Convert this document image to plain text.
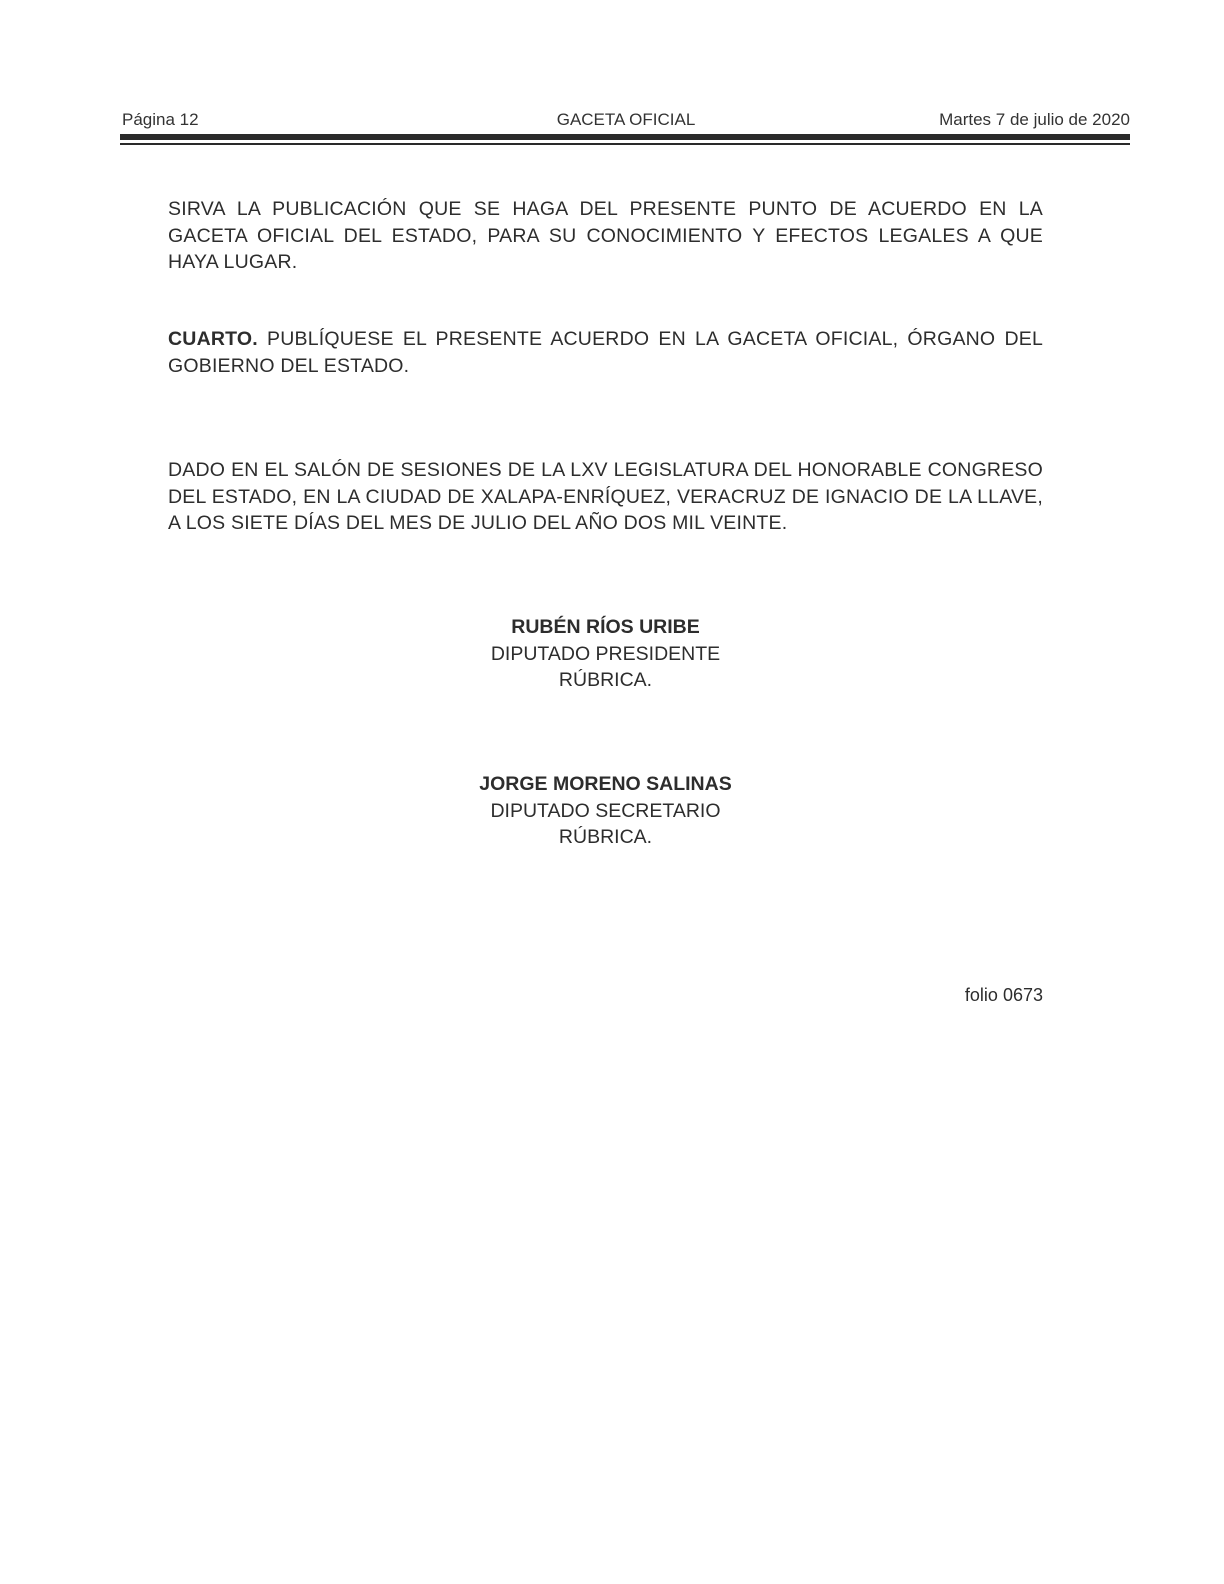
Página 12	GACETA OFICIAL	Martes 7 de julio de 2020

SIRVA LA PUBLICACIÓN QUE SE HAGA DEL PRESENTE PUNTO DE ACUERDO EN LA GACETA OFICIAL DEL ESTADO, PARA SU CONOCIMIENTO Y EFECTOS LEGALES A QUE HAYA LUGAR.

CUARTO. PUBLÍQUESE EL PRESENTE ACUERDO EN LA GACETA OFICIAL, ÓRGANO DEL GOBIERNO DEL ESTADO.

DADO EN EL SALÓN DE SESIONES DE LA LXV LEGISLATURA DEL HONORABLE CONGRESO DEL ESTADO, EN LA CIUDAD DE XALAPA-ENRÍQUEZ, VERACRUZ DE IGNACIO DE LA LLAVE, A LOS SIETE DÍAS DEL MES DE JULIO DEL AÑO DOS MIL VEINTE.

RUBÉN RÍOS URIBE
DIPUTADO PRESIDENTE
RÚBRICA.
JORGE MORENO SALINAS
DIPUTADO SECRETARIO
RÚBRICA.
folio 0673
